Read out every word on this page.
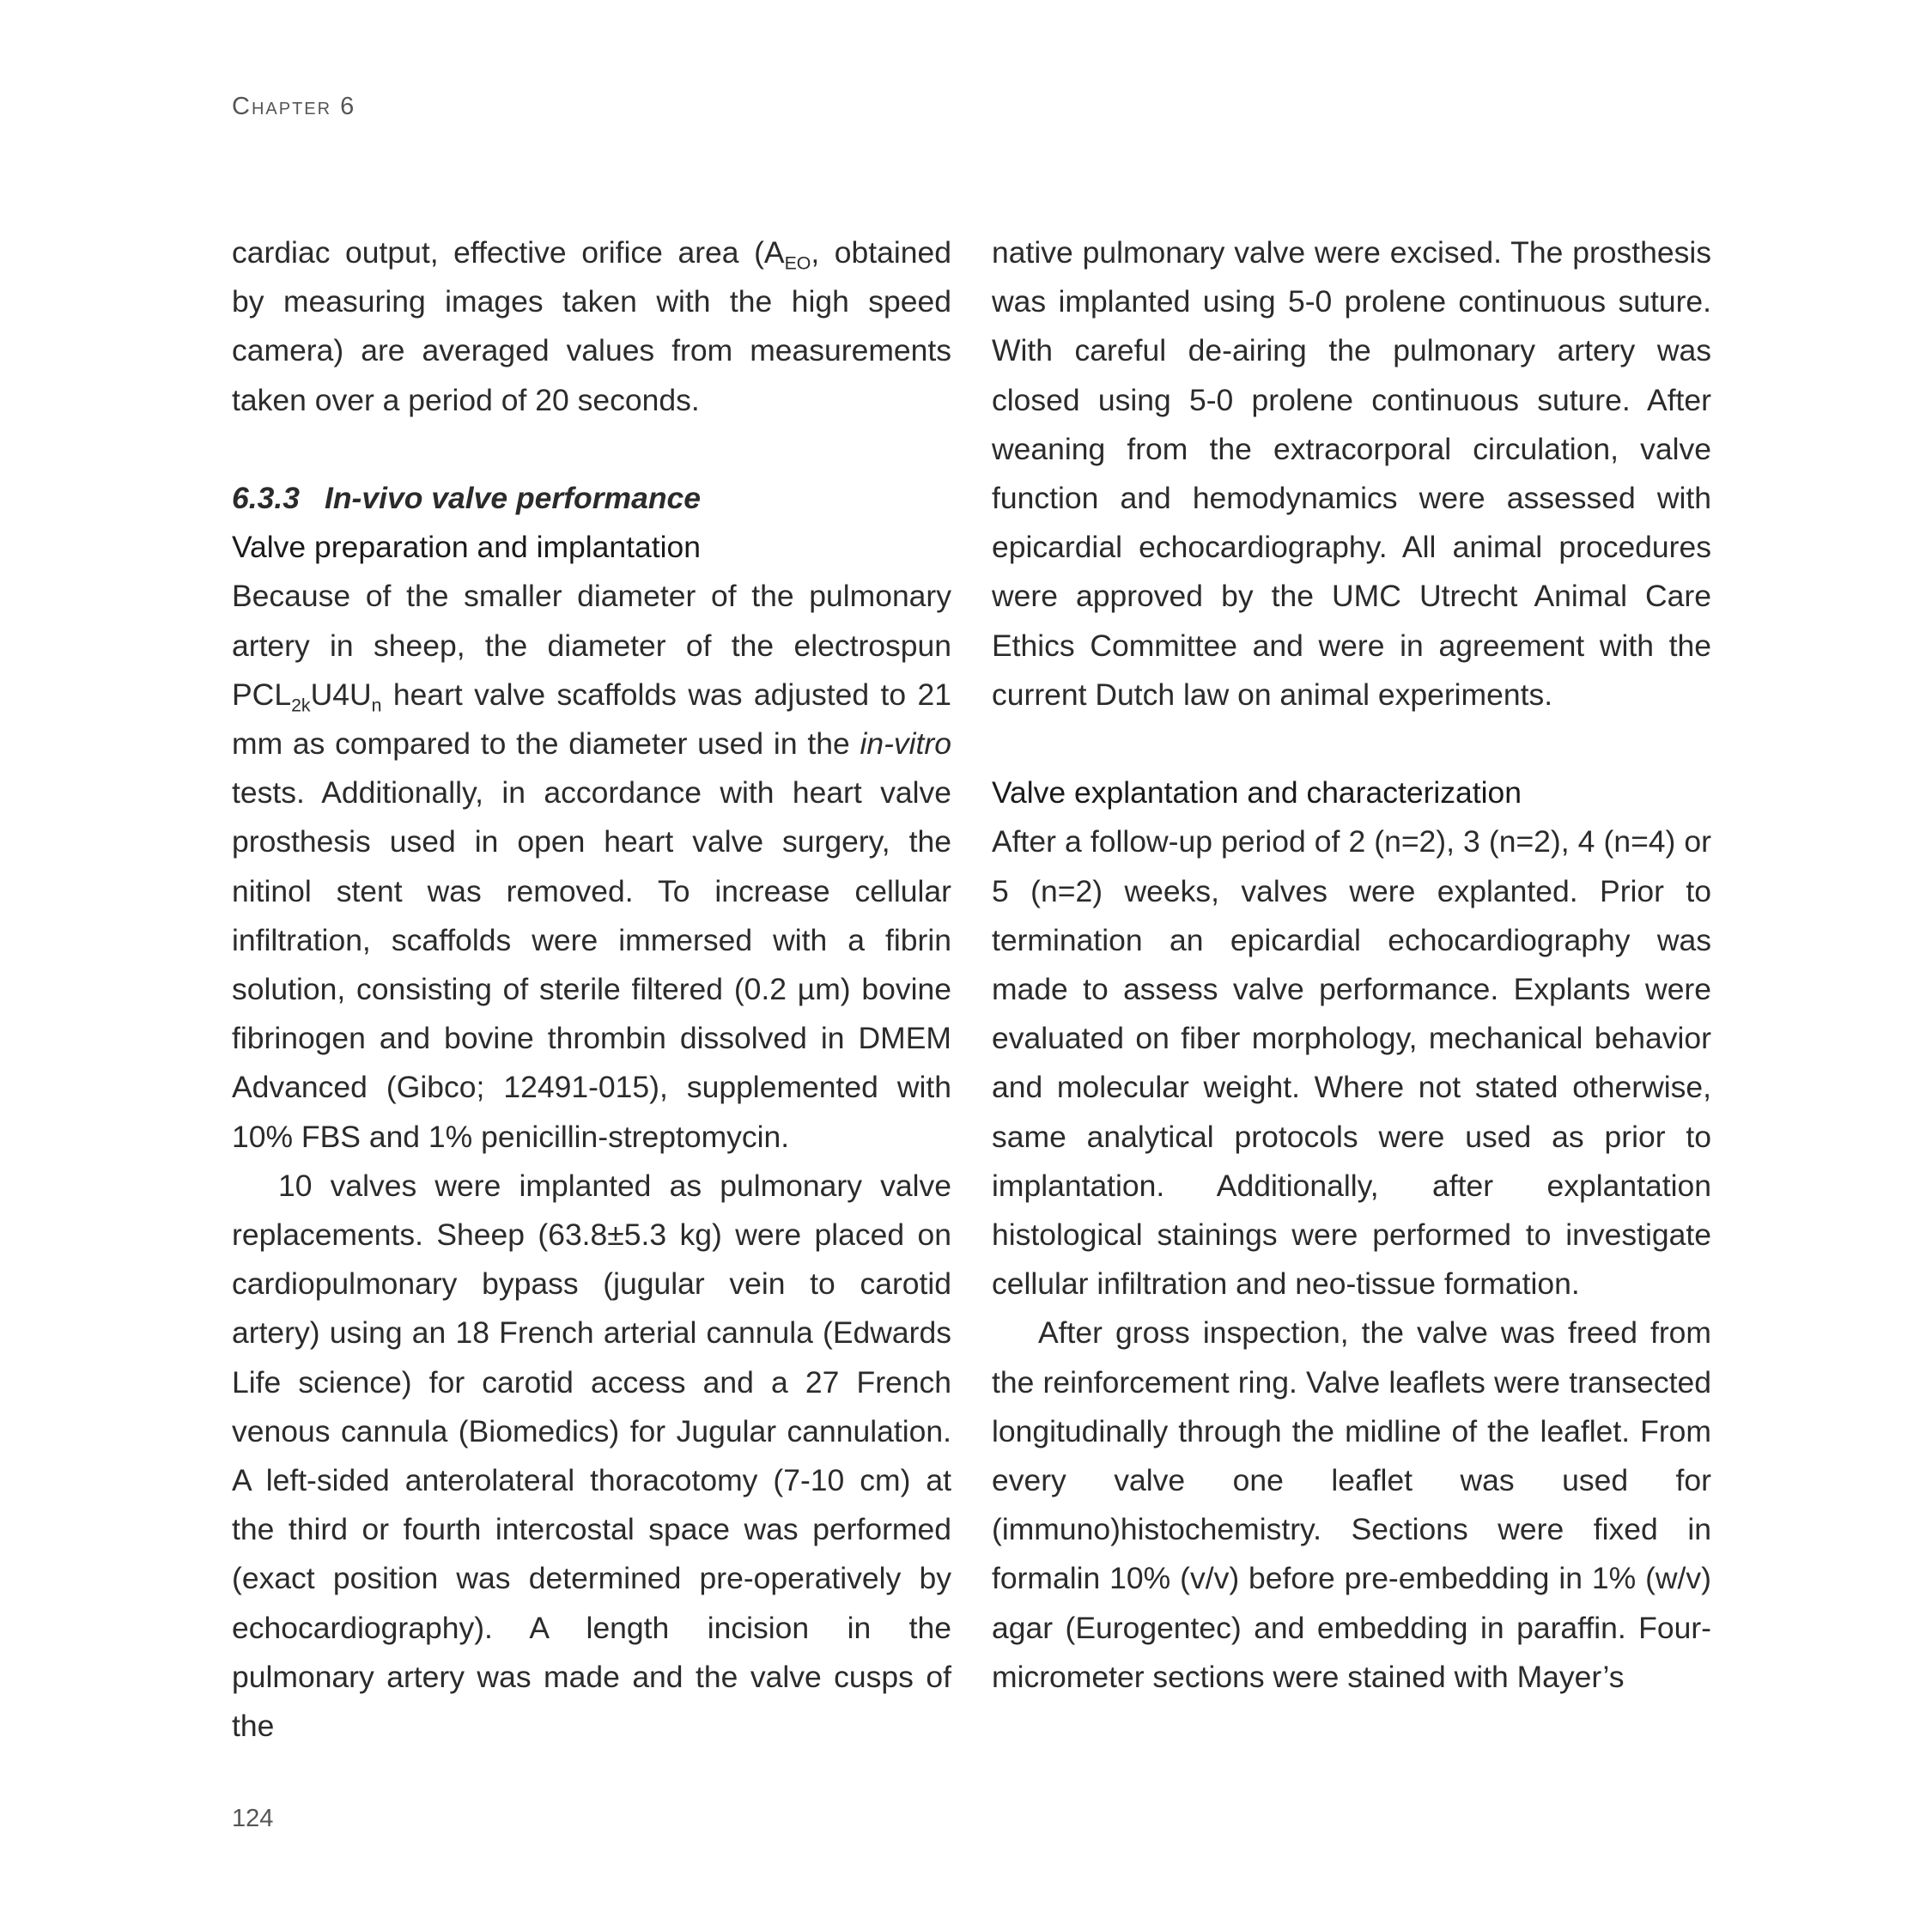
Chapter 6

cardiac output, effective orifice area ($A_{EO}$, obtained by measuring images taken with the high speed camera) are averaged values from measurements taken over a period of 20 seconds.

6.3.3 In-vivo valve performance

Valve preparation and implantation

Because of the smaller diameter of the pulmonary artery in sheep, the diameter of the electrospun $PCL_{2k}U4U_n$ heart valve scaffolds was adjusted to 21 mm as compared to the diameter used in the in-vitro tests. Additionally, in accordance with heart valve prosthesis used in open heart valve surgery, the nitinol stent was removed. To increase cellular infiltration, scaffolds were immersed with a fibrin solution, consisting of sterile filtered (0.2 µm) bovine fibrinogen and bovine thrombin dissolved in DMEM Advanced (Gibco; 12491-015), supplemented with 10% FBS and 1% penicillin-streptomycin.

10 valves were implanted as pulmonary valve replacements. Sheep (63.8±5.3 kg) were placed on cardiopulmonary bypass (jugular vein to carotid artery) using an 18 French arterial cannula (Edwards Life science) for carotid access and a 27 French venous cannula (Biomedics) for Jugular cannulation. A left-sided anterolateral thoracotomy (7-10 cm) at the third or fourth intercostal space was performed (exact position was determined pre-operatively by echocardiography). A length incision in the pulmonary artery was made and the valve cusps of the

native pulmonary valve were excised. The prosthesis was implanted using 5-0 prolene continuous suture. With careful de-airing the pulmonary artery was closed using 5-0 prolene continuous suture. After weaning from the extracorporal circulation, valve function and hemodynamics were assessed with epicardial echocardiography. All animal procedures were approved by the UMC Utrecht Animal Care Ethics Committee and were in agreement with the current Dutch law on animal experiments.

Valve explantation and characterization

After a follow-up period of 2 (n=2), 3 (n=2), 4 (n=4) or 5 (n=2) weeks, valves were explanted. Prior to termination an epicardial echocardiography was made to assess valve performance. Explants were evaluated on fiber morphology, mechanical behavior and molecular weight. Where not stated otherwise, same analytical protocols were used as prior to implantation. Additionally, after explantation histological stainings were performed to investigate cellular infiltration and neo-tissue formation.

After gross inspection, the valve was freed from the reinforcement ring. Valve leaflets were transected longitudinally through the midline of the leaflet. From every valve one leaflet was used for (immuno)histochemistry. Sections were fixed in formalin 10% (v/v) before pre-embedding in 1% (w/v) agar (Eurogentec) and embedding in paraffin. Four-micrometer sections were stained with Mayer’s

124
